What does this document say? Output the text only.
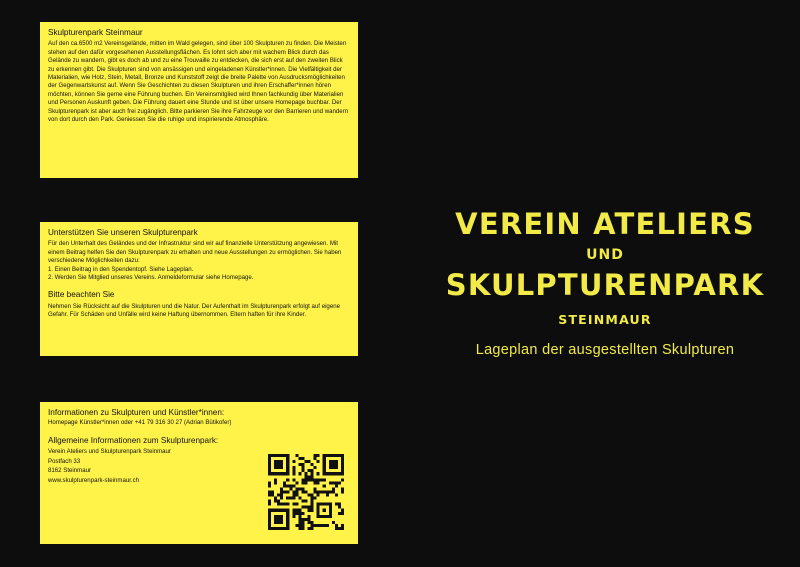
Skulpturenpark Steinmaur

Auf den ca.6500 m2 Vereinsgelände, mitten im Wald gelegen, sind über 100 Skulpturen zu finden. Die Meisten stehen auf den dafür vorgesehenen Ausstellungsflächen. Es lohnt sich aber mit wachem Blick durch das Gelände zu wandern, gibt es doch ab und zu eine Trouvaille zu entdecken, die sich erst auf den zweiten Blick zu erkennen gibt. Die Skulpturen sind von ansässigen und eingeladenen Künstler*innen. Die Vielfältigkeit der Materialien, wie Holz, Stein, Metall, Bronze und Kunststoff zeigt die breite Palette von Ausdrucksmöglichkeiten der Gegenwartskunst auf. Wenn Sie Geschichten zu diesen Skulpturen und ihren Erschaffer*innen hören möchten, können Sie gerne eine Führung buchen. Ein Vereinsmitglied wird Ihnen fachkundig über Materialien und Personen Auskunft geben. Die Führung dauert eine Stunde und ist über unsere Homepage buchbar. Der Skulpturenpark ist aber auch frei zugänglich. Bitte parkieren Sie ihre Fahrzeuge vor den Barrieren und wandern von dort durch den Park. Geniessen Sie die ruhige und inspirierende Atmosphäre.

Unterstützen Sie unseren Skulpturenpark

Für den Unterhalt des Geländes und der Infrastruktur sind wir auf finanzielle Unterstützung angewiesen. Mit einem Beitrag helfen Sie den Skulpturenpark zu erhalten und neue Ausstellungen zu ermöglichen. Sie haben verschiedene Möglichkeiten dazu:

1. Einen Beitrag in den Spendentopf. Siehe Lageplan.

2. Werden Sie Mitglied unseres Vereins. Anmeldeformular siehe Homepage.

Bitte beachten Sie

Nehmen Sie Rücksicht auf die Skulpturen und die Natur. Der Aufenthalt im Skulpturenpark erfolgt auf eigene Gefahr. Für Schäden und Unfälle wird keine Haftung übernommen. Eltern haften für ihre Kinder.

Informationen zu Skulpturen und Künstler*innen:

Homepage Künstler*innen oder +41 79 316 30 27 (Adrian Bütikofer)

Allgemeine Informationen zum Skulpturenpark:

Verein Ateliers und Skulpturenpark Steinmaur

Postfach 33

8162 Steinmaur

www.skulpturenpark-steinmaur.ch

VEREIN ATELIERS
UND
SKULPTURENPARK
STEINMAUR
Lageplan der ausgestellten Skulpturen
